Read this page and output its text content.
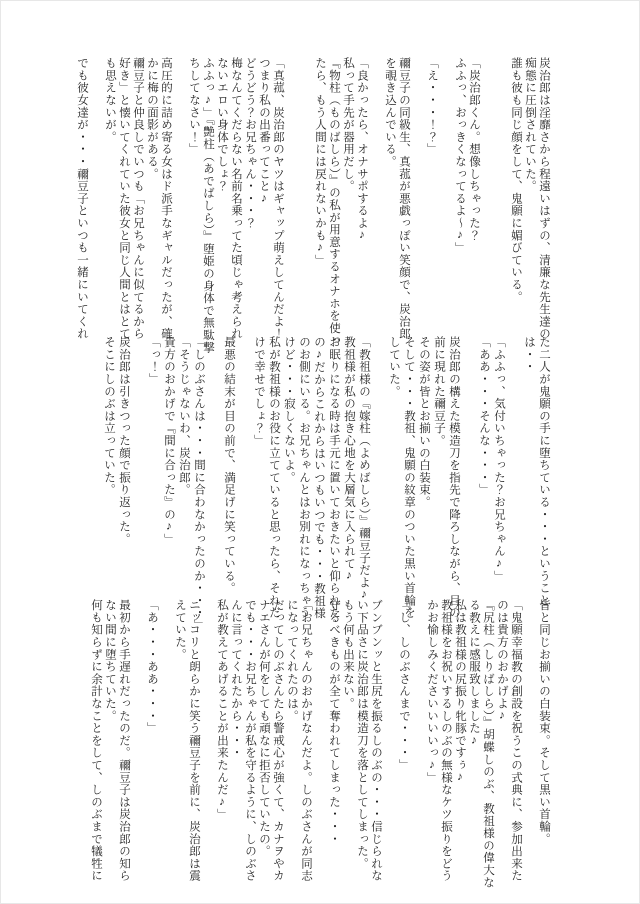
炭治郎は淫靡さから程遠いはずの、清廉な先生達の
痴態に圧倒されていた。
誰も彼も同じ顔をして、鬼願に媚びている。

「炭治郎くん。想像しちゃった？
ふふっ、おっきくなってるよ～♪」

「え・・・！？」

禰豆子の同級生、真菰が悪戯っぽい笑顔で、炭治郎
を覗き込んでいる。

「良かったら、オナサポするよ♪
私って手先が器用だし。
『物柱（ものばしら）』の私が用意するオナホを使っ
たら、もう人間には戻れないかも♪」

「真菰、炭治郎のヤツはギャップ萌えしてんだよ！
つまり私の出番ってこと♪
どうどう？お兄ちゃん・・・？
梅なんてくだらない名前名乗ってた頃じゃ考えられ
ないエロい身体でしょ？
ふふっ♪」『艶柱（あでばしら）』堕姫の身体で無駄撃
ちしてなさい！」

高圧的に詰め寄る女はド派手なギャルだったが、確
かに梅の面影がある。
禰豆子と仲良しでいつも「お兄ちゃんに似てるから
好き」と懐いてくれていた彼女と同じ人間とはとて
も思えないが。

でも彼女達が・・・禰豆子といつも一緒にいてくれ
た二人が鬼願の手に堕ちている・・・ということ
は・・

「ふふっ、気付いちゃった？お兄ちゃん♪」
「ああ・・・そんな・・・」

炭治郎の構えた模造刀を指先で降ろしながら、目の
前に現れた禰豆子。
その姿が皆とお揃いの白装束。
そして・・・教祖、鬼願の紋章のついた黒い首輪を
していた。

「教祖様の『嫁柱（よめばしら）』禰豆子だよ♪
教祖様が私の抱き心地を大層気に入られて♪
お眠りになる時は手元に置いておきたいと仰られた
の♪だからこれからはいつもいつでも・・・教祖様
のお側にいる。お兄ちゃんとはお別れになっちゃう
けど・・・寂しくないよ。
私が教祖様のお役に立てていると思ったら、それだ
けで幸せでしょ？」

最悪の結末が目の前で、満足げに笑っている。

「しのぶさんは・・・間に合わなかったのか・・・」
「そうじゃないわ、炭治郎。
貴方のおかげで『間に合った』の♪」
「っ！」

炭治郎は引きつった顔で振り返った。
そこにしのぶは立っていた。
皆と同じお揃いの白装束。そして黒い首輪。

「鬼願幸福教の創設を祝うこの式典に、参加出来た
のは貴方のおかげよ♪
『尻柱（しりばしら）』胡蝶しのぶ、教祖様の偉大な
る教えに感服致しました♪
私は教祖様の尻振り牝豚ですぅ♪
教祖様をお祝いするしのぶの無様なケツ振りをどう
かお愉しみくださいいいいっ♪」

「し、しのぶさんまで・・・」

ブンブンッと生尻を振るしのぶの・・・信じられな
い下品さに炭治郎は模造刀を落としてしまった。
もう何も出来ない。
守るべきものが全て奪われてしまった・・・

「お兄ちゃんのおかげなんだよ。しのぶさんが同志
になってくれたのは。
だってしのぶさんたら警戒心が強くて、カナヲやカ
ナエさんが何をしても頑なに拒否していたの。
でも・・・お兄ちゃんが私を守るように、しのぶさ
んに言ってくれたから・・・
私が教えてあげることが出来たんだ♪」

ニッコリと朗らかに笑う禰豆子を前に、炭治郎は震
えていた。

「あ・・・ああ・・・」

最初から手遅れだったのだ。禰豆子は炭治郎の知ら
ない間に堕ちていた。
何も知らずに余計なことをして、しのぶまで犠牲に
